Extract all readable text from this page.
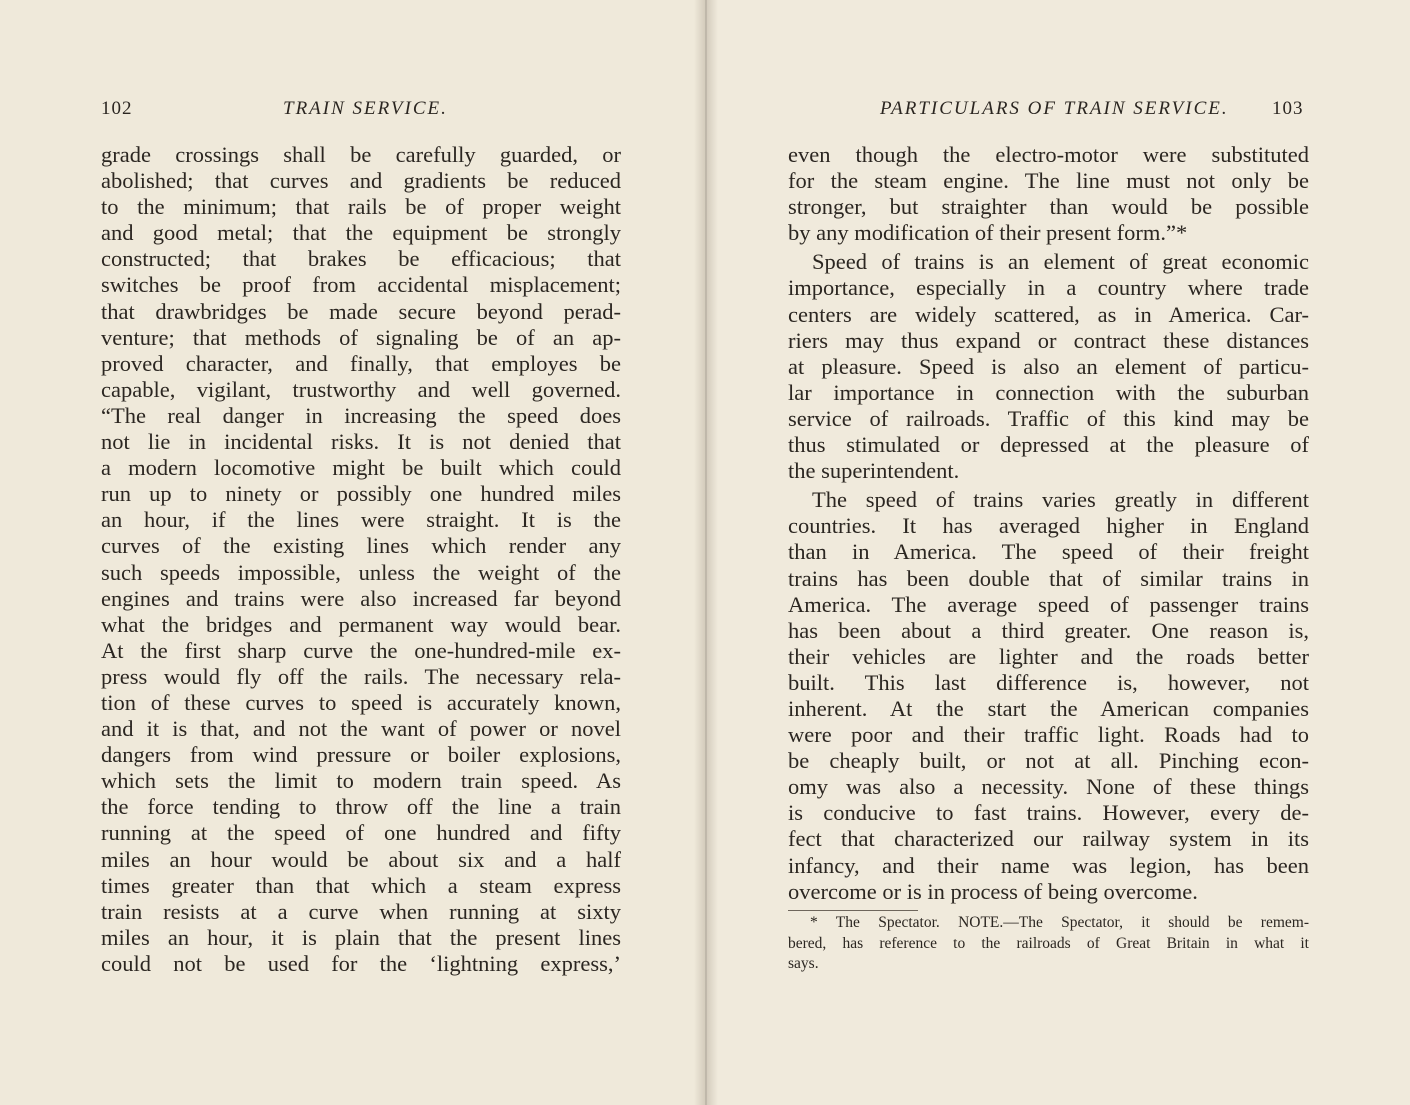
102	TRAIN SERVICE.
grade crossings shall be carefully guarded, or
abolished; that curves and gradients be reduced
to the minimum; that rails be of proper weight
and good metal; that the equipment be strongly
constructed; that brakes be efficacious; that
switches be proof from accidental misplacement;
that drawbridges be made secure beyond perad-
venture; that methods of signaling be of an ap-
proved character, and finally, that employes be
capable, vigilant, trustworthy and well governed.
“The real danger in increasing the speed does
not lie in incidental risks. It is not denied that
a modern locomotive might be built which could
run up to ninety or possibly one hundred miles
an hour, if the lines were straight. It is the
curves of the existing lines which render any
such speeds impossible, unless the weight of the
engines and trains were also increased far beyond
what the bridges and permanent way would bear.
At the first sharp curve the one-hundred-mile ex-
press would fly off the rails. The necessary rela-
tion of these curves to speed is accurately known,
and it is that, and not the want of power or novel
dangers from wind pressure or boiler explosions,
which sets the limit to modern train speed. As
the force tending to throw off the line a train
running at the speed of one hundred and fifty
miles an hour would be about six and a half
times greater than that which a steam express
train resists at a curve when running at sixty
miles an hour, it is plain that the present lines
could not be used for the ‘lightning express,’
PARTICULARS OF TRAIN SERVICE. 103
even though the electro-motor were substituted
for the steam engine. The line must not only be
stronger, but straighter than would be possible
by any modification of their present form.”*
Speed of trains is an element of great economic
importance, especially in a country where trade
centers are widely scattered, as in America. Car-
riers may thus expand or contract these distances
at pleasure. Speed is also an element of particu-
lar importance in connection with the suburban
service of railroads. Traffic of this kind may be
thus stimulated or depressed at the pleasure of
the superintendent.
The speed of trains varies greatly in different
countries. It has averaged higher in England
than in America. The speed of their freight
trains has been double that of similar trains in
America. The average speed of passenger trains
has been about a third greater. One reason is,
their vehicles are lighter and the roads better
built. This last difference is, however, not
inherent. At the start the American companies
were poor and their traffic light. Roads had to
be cheaply built, or not at all. Pinching econ-
omy was also a necessity. None of these things
is conducive to fast trains. However, every de-
fect that characterized our railway system in its
infancy, and their name was legion, has been
overcome or is in process of being overcome.
* The Spectator. NOTE.—The Spectator, it should be remem-
bered, has reference to the railroads of Great Britain in what it
says.
